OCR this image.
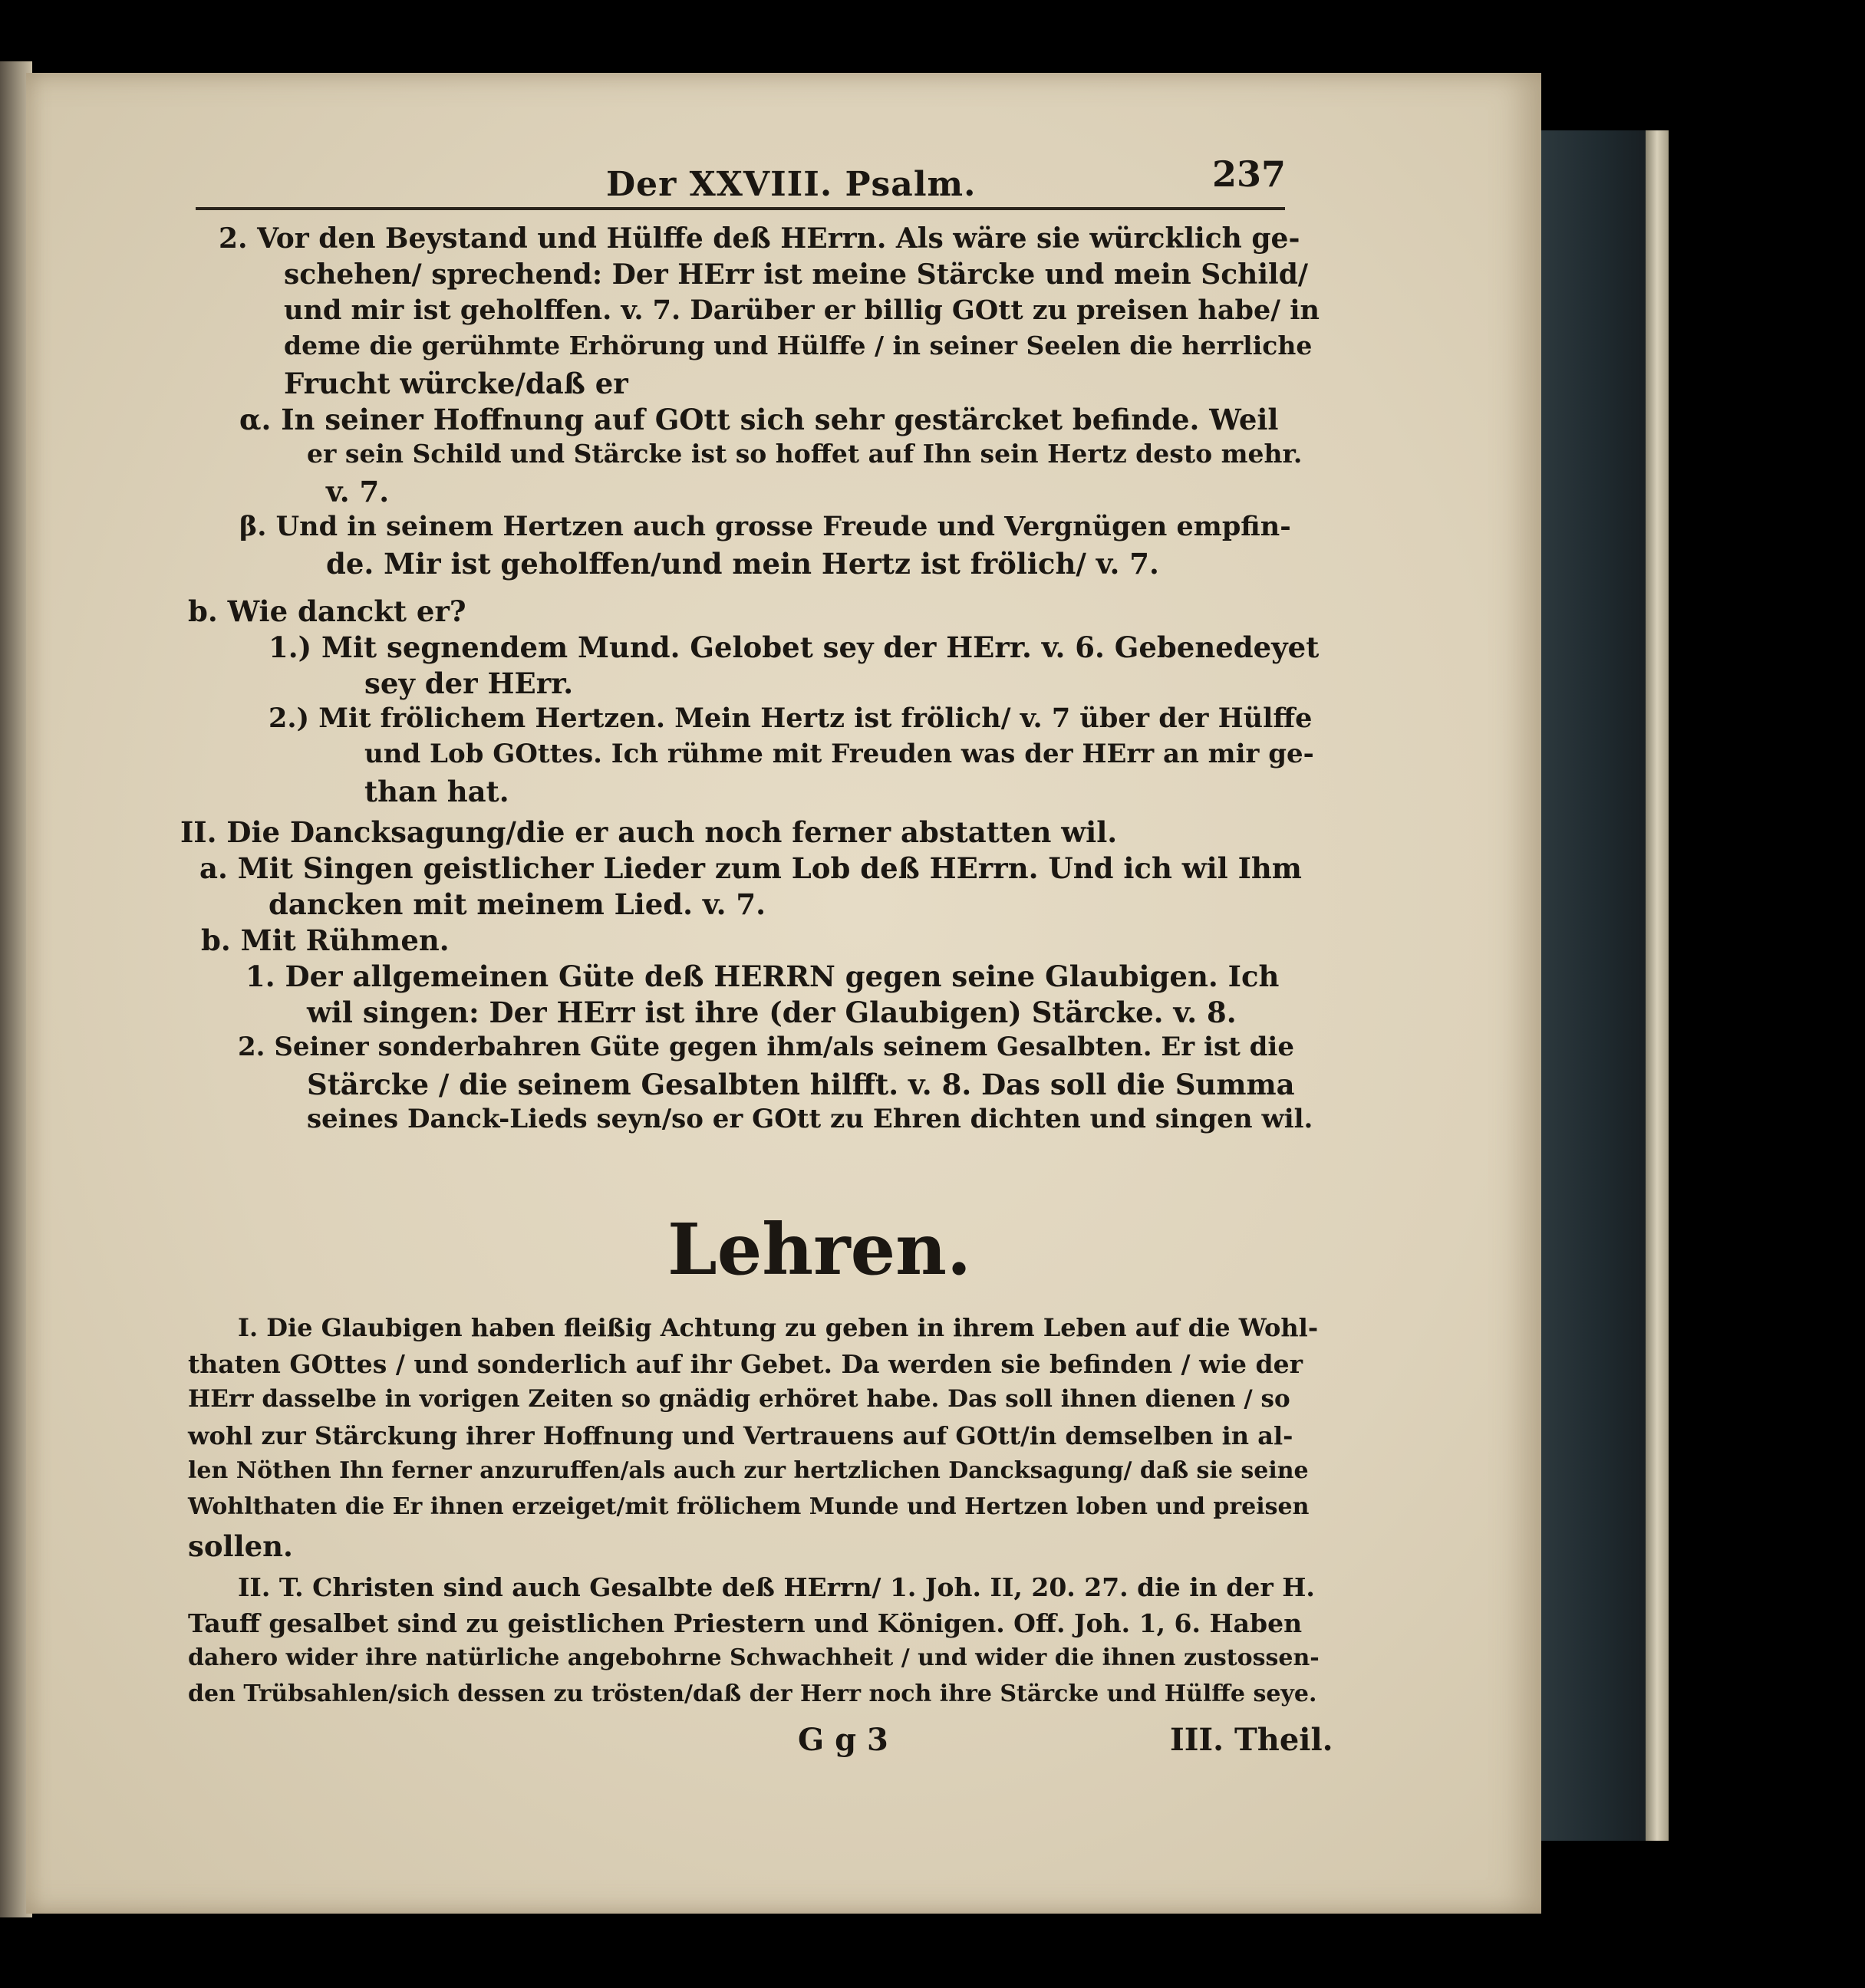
Der XXVIII. Psalm.	237
2. Vor den Beystand und Hülffe deß HErrn. Als wäre sie würcklich ge-
schehen/ sprechend: Der HErr ist meine Stärcke und mein Schild/
und mir ist geholffen. v. 7. Darüber er billig GOtt zu preisen habe/ in
deme die gerühmte Erhörung und Hülffe / in seiner Seelen die herrliche
Frucht würcke/daß er
α. In seiner Hoffnung auf GOtt sich sehr gestärcket befinde. Weil
er sein Schild und Stärcke ist so hoffet auf Ihn sein Hertz desto mehr.
v. 7.
β. Und in seinem Hertzen auch grosse Freude und Vergnügen empfin-
de. Mir ist geholffen/und mein Hertz ist frölich/ v. 7.
b. Wie danckt er?
1.) Mit segnendem Mund. Gelobet sey der HErr. v. 6. Gebenedeyet
sey der HErr.
2.) Mit frölichem Hertzen. Mein Hertz ist frölich/ v. 7 über der Hülffe
und Lob GOttes. Ich rühme mit Freuden was der HErr an mir ge-
than hat.
II. Die Dancksagung/die er auch noch ferner abstatten wil.
a. Mit Singen geistlicher Lieder zum Lob deß HErrn. Und ich wil Ihm
dancken mit meinem Lied. v. 7.
b. Mit Rühmen.
1. Der allgemeinen Güte deß HERRN gegen seine Glaubigen. Ich
wil singen: Der HErr ist ihre (der Glaubigen) Stärcke. v. 8.
2. Seiner sonderbahren Güte gegen ihm/als seinem Gesalbten. Er ist die
Stärcke / die seinem Gesalbten hilfft. v. 8. Das soll die Summa
seines Danck-Lieds seyn/so er GOtt zu Ehren dichten und singen wil.
Lehren.
I. Die Glaubigen haben fleißig Achtung zu geben in ihrem Leben auf die Wohl-
thaten GOttes / und sonderlich auf ihr Gebet. Da werden sie befinden / wie der
HErr dasselbe in vorigen Zeiten so gnädig erhöret habe. Das soll ihnen dienen / so
wohl zur Stärckung ihrer Hoffnung und Vertrauens auf GOtt/in demselben in al-
len Nöthen Ihn ferner anzuruffen/als auch zur hertzlichen Dancksagung/ daß sie seine
Wohlthaten die Er ihnen erzeiget/mit frölichem Munde und Hertzen loben und preisen
sollen.
II. T. Christen sind auch Gesalbte deß HErrn/ 1. Joh. II, 20. 27. die in der H.
Tauff gesalbet sind zu geistlichen Priestern und Königen. Off. Joh. 1, 6. Haben
dahero wider ihre natürliche angebohrne Schwachheit / und wider die ihnen zustossen-
den Trübsahlen/sich dessen zu trösten/daß der Herr noch ihre Stärcke und Hülffe seye.
G g 3	III. Theil.
